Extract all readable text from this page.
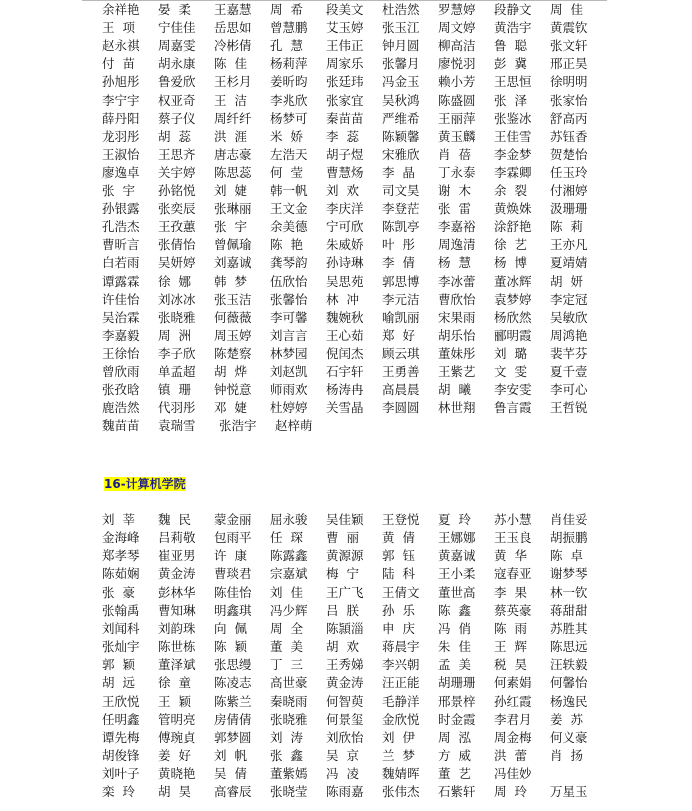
余祥艳 晏  柔 王嘉慧 周  希 段美文 杜浩然 罗慧婷 段静文 周  佳
王  项 宁佳佳 岳思如 曾慧鹏 艾玉婷 张玉江 周文婷 黄浩宇 黄震钦
赵永祺 周嘉雯 冷彬倩 孔  慧 王伟正 钟月圆 柳高洁 鲁  聪 张文轩
付  苗 胡永康 陈  佳 杨莉萍 周家乐 张馨月 廖悦羽 彭  冀 邢正昊
孙旭彤 鲁爱欣 王杉月 姜昕昀 张廷玮 冯金玉 赖小芳 王思恒 徐明明
李宁宇 权亚奇 王  洁 李兆欣 张家宜 吴秋鸿 陈盛圆 张  泽 张家怡
薛丹阳 蔡子仪 周纤纤 杨梦可 秦苗苗 严维希 王丽萍 张鉴冰 舒高丙
龙羽彤 胡  蕊 洪  涯 米  娇 李  蕊 陈颖馨 黄玉麟 王佳雪 苏钰香
王淑怡 王思齐 唐志豪 左浩天 胡子煜 宋雅欣 肖  蓓 李金梦 贺楚怡
廖逸卓 关宇婷 陈思蕊 何  莹 曹慧炀 李  晶 丁永泰 李霖卿 任玉玲
张  宇 孙铭悦 刘  婕 韩一帆 刘  欢 司文昊 谢  木 余  裂 付湘婷
孙银露 张奕辰 张琳丽 王文金 李庆洋 李登茫 张  雷 黄焕姝 汲珊珊
孔浩杰 王孜蕙 张  宇 余美德 宁可欣 陈凯亭 李嘉裕 涂舒艳 陈  莉
曹昕言 张倩怡 曾佩瑜 陈  艳 朱威娇 叶  彤 周逸清 徐  艺 王亦凡
白若雨 吴妍婷 刘嘉诚 龚琴韵 孙诗琳 李  倩 杨  慧 杨  博 夏靖婧
谭露霖 徐  娜 韩  梦 伍欣怡 吴思苑 郭思博 李冰蕾 董冰辉 胡  妍
许佳怡 刘冰冰 张玉洁 张馨怡 林  冲 李元洁 曹欣怡 袁梦婷 李定冠
吴治霖 张晓雅 何薇薇 李可馨 魏婉秋 喻凯丽 宋果雨 杨欣然 吴敏欣
李嘉毅 周  洲 周玉婷 刘言言 王心茹 郑  好 胡乐怡 郦明霞 周鸿艳
王徐怡 李子欣 陈楚察 林梦园 倪闰杰 顾云琪 董妹彤 刘  璐 裴芊芬
曾欣雨 单孟超 胡  烨 刘赵凯 石宇轩 王勇善 王紫艺 文  雯 夏千壹
张孜晗 镇  珊 钟悦意 师雨欢 杨涛冉 高晨晨 胡  曦 李安雯 李可心
鹿浩然 代羽彤 邓  婕 杜婷婷 关雪晶 李圆圆 林世翔 鲁言霞 王哲锐
魏苗苗 袁瑞雪 张浩宇 赵梓萌
16-计算机学院
刘  莘 魏  民 蒙金丽 屈永骏 吴佳颖 王登悦 夏  玲 苏小慧 肖佳妥
金海峰 吕莉敬 包雨平 任  琛 曹  丽 黄  倩 王娜娜 王玉良 胡振鹏
郑孝琴 崔亚男 许  康 陈露鑫 黄源源 郭  钰 黄嘉诚 黄  华 陈  卓
陈茹娴 黄金涛 曹琰君 宗嘉斌 梅  宁 陆  科 王小柔 寇春亚 谢梦琴
张  豪 彭林华 陈佳怡 刘  佳 王广飞 王倩文 董世高 李  果 林一钦
张翰禹 曹知琳 明鑫琪 冯少辉 吕  朕 孙  乐 陈  鑫 蔡英豪 蒋甜甜
刘闻科 刘韵珠 向  佩 周  全 陈頴淄 申  庆 冯  俏 陈  雨 苏胜其
张灿宇 陈世栋 陈  颖 董  美 胡  欢 蒋晨宇 朱  佳 王  辉 陈思远
郭  颖 董泽斌 张思缦 丁  三 王秀娣 李兴朝 孟  美 税  昊 汪轶毅
胡  远 徐  童 陈凌志 高世豪 黄金涛 汪正能 胡珊珊 何素娟 何馨怡
王欣悦 王  颖 陈紫兰 秦晓雨 何智萸 毛静洋 邢景梓 孙红霞 杨逸民
任明鑫 管明亮 房倩倩 张晓雅 何景玺 金欣悦 时金霞 李君月 姜  苏
谭先梅 傅琬貞 郭梦圆 刘  涛 刘欣怡 刘  伊 周  泓 周金梅 何义豪
胡俊锋 姜  好 刘  帆 张  鑫 吴  京 兰  梦 方  威 洪  蕾 肖  扬
刘叶子 黄晓艳 吴  倩 董紫嫣 冯  凌 魏婧晖 董  艺 冯佳妙
栾  玲 胡  昊 高睿辰 张晓莹 陈雨嘉 张伟杰 石紫轩 周  玲 万星玉
